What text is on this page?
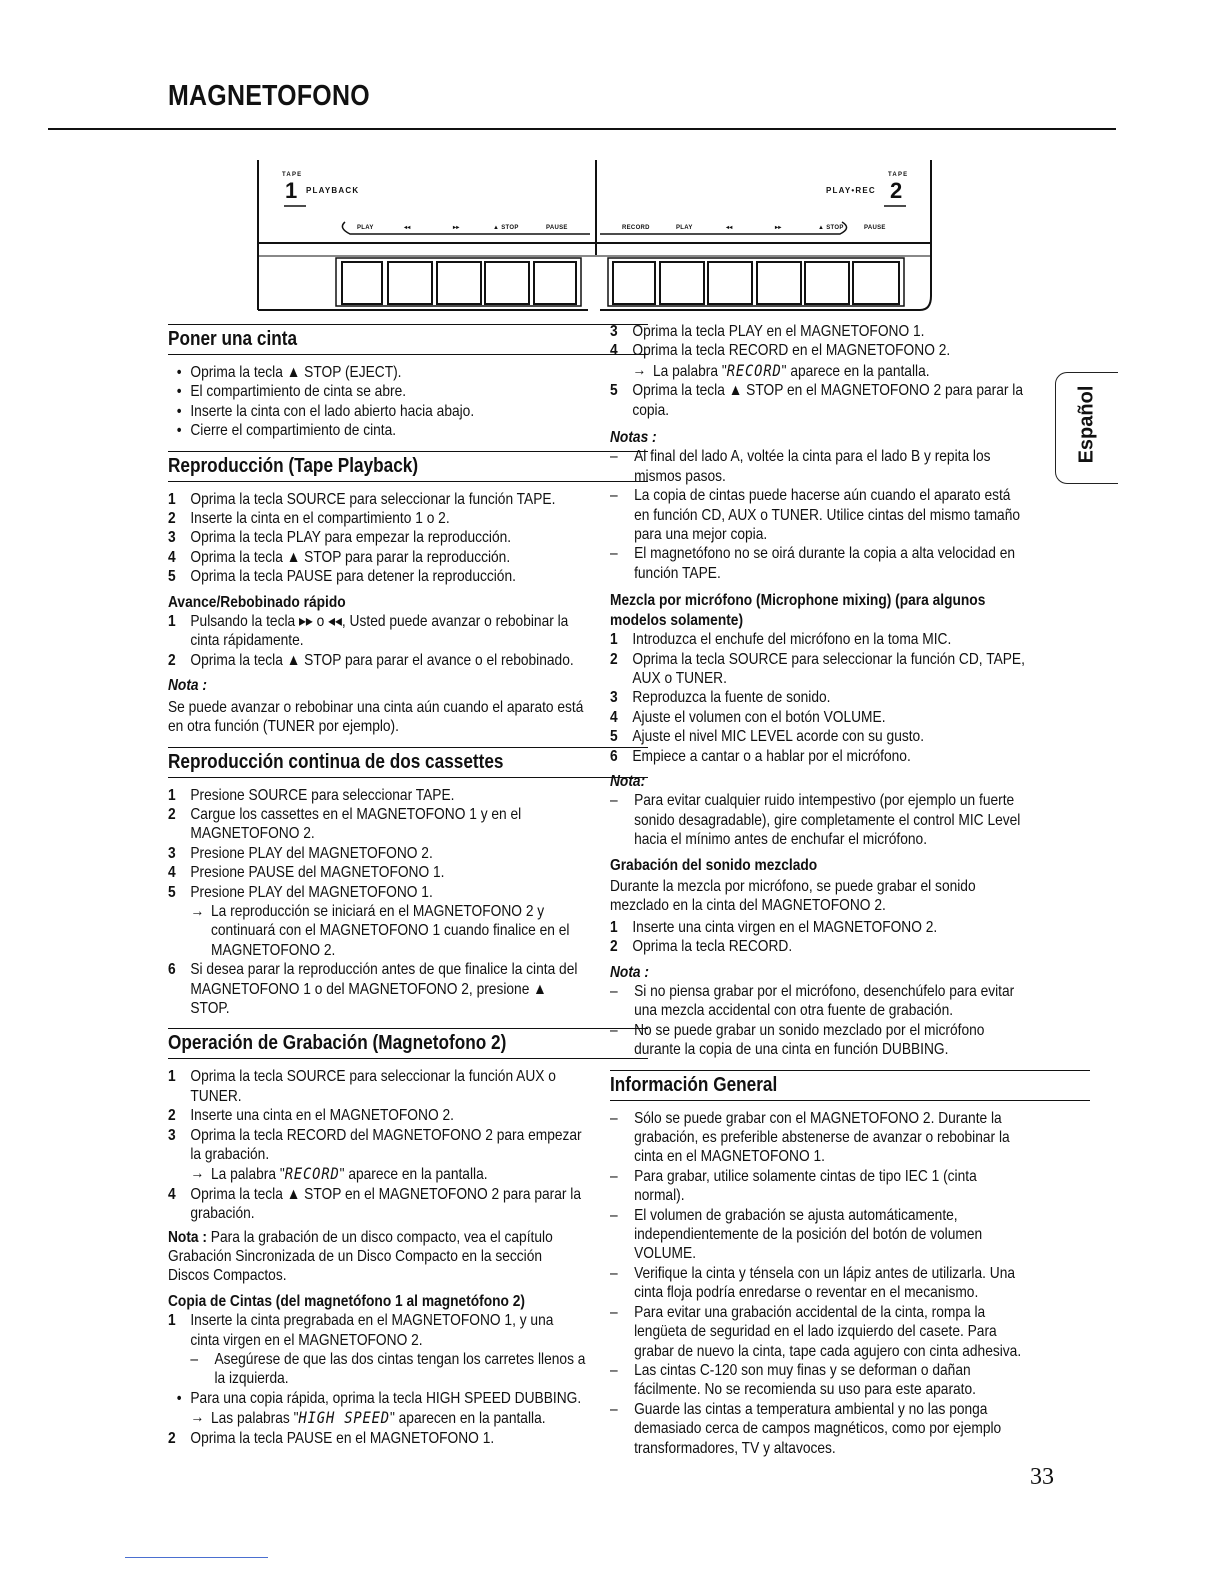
MAGNETOFONO
TAPE
1 PLAYBACK
TAPE
2
PLAY•REC
PLAY	◂◂	▸▸	▲ STOP	PAUSE	RECORD	PLAY	◂◂	▸▸	▲ STOP	PAUSE
Poner una cinta
• Oprima la tecla ▲ STOP (EJECT).
• El compartimiento de cinta se abre.
• Inserte la cinta con el lado abierto hacia abajo.
• Cierre el compartimiento de cinta.
Reproducción (Tape Playback)
1 Oprima la tecla SOURCE para seleccionar la función TAPE.
2 Inserte la cinta en el compartimiento 1 o 2.
3 Oprima la tecla PLAY para empezar la reproducción.
4 Oprima la tecla ▲ STOP para parar la reproducción.
5 Oprima la tecla PAUSE para detener la reproducción.
Avance/Rebobinado rápido
1 Pulsando la tecla ▸▸ o ◂◂, Usted puede avanzar o rebobinar la cinta rápidamente.
2 Oprima la tecla ▲ STOP para parar el avance o el rebobinado.
Nota :
Se puede avanzar o rebobinar una cinta aún cuando el aparato está en otra función (TUNER por ejemplo).
Reproducción continua de dos cassettes
1 Presione SOURCE para seleccionar TAPE.
2 Cargue los cassettes en el MAGNETOFONO 1 y en el MAGNETOFONO 2.
3 Presione PLAY del MAGNETOFONO 2.
4 Presione PAUSE del MAGNETOFONO 1.
5 Presione PLAY del MAGNETOFONO 1.
→ La reproducción se iniciará en el MAGNETOFONO 2 y continuará con el MAGNETOFONO 1 cuando finalice en el MAGNETOFONO 2.
6 Si desea parar la reproducción antes de que finalice la cinta del MAGNETOFONO 1 o del MAGNETOFONO 2, presione ▲ STOP.
Operación de Grabación (Magnetofono 2)
1 Oprima la tecla SOURCE para seleccionar la función AUX o TUNER.
2 Inserte una cinta en el MAGNETOFONO 2.
3 Oprima la tecla RECORD del MAGNETOFONO 2 para empezar la grabación.
→ La palabra "RECORD" aparece en la pantalla.
4 Oprima la tecla ▲ STOP en el MAGNETOFONO 2 para parar la grabación.
Nota : Para la grabación de un disco compacto, vea el capítulo Grabación Sincronizada de un Disco Compacto en la sección Discos Compactos.
Copia de Cintas (del magnetófono 1 al magnetófono 2)
1 Inserte la cinta pregrabada en el MAGNETOFONO 1, y una cinta virgen en el MAGNETOFONO 2.
–	Asegúrese de que las dos cintas tengan los carretes llenos a la izquierda.
• Para una copia rápida, oprima la tecla HIGH SPEED DUBBING.
→ Las palabras "HIGH SPEED" aparecen en la pantalla.
2 Oprima la tecla PAUSE en el MAGNETOFONO 1.
3 Oprima la tecla PLAY en el MAGNETOFONO 1.
4 Oprima la tecla RECORD en el MAGNETOFONO 2.
→ La palabra "RECORD" aparece en la pantalla.
5 Oprima la tecla ▲ STOP en el MAGNETOFONO 2 para parar la copia.
Notas :
–	Al final del lado A, voltée la cinta para el lado B y repita los mismos pasos.
–	La copia de cintas puede hacerse aún cuando el aparato está en función CD, AUX o TUNER. Utilice cintas del mismo tamaño para una mejor copia.
–	El magnetófono no se oirá durante la copia a alta velocidad en función TAPE.
Mezcla por micrófono (Microphone mixing) (para algunos modelos solamente)
1 Introduzca el enchufe del micrófono en la toma MIC.
2 Oprima la tecla SOURCE para seleccionar la función CD, TAPE, AUX o TUNER.
3 Reproduzca la fuente de sonido.
4 Ajuste el volumen con el botón VOLUME.
5 Ajuste el nivel MIC LEVEL acorde con su gusto.
6 Empiece a cantar o a hablar por el micrófono.
Nota:
–	Para evitar cualquier ruido intempestivo (por ejemplo un fuerte sonido desagradable), gire completamente el control MIC Level hacia el mínimo antes de enchufar el micrófono.
Grabación del sonido mezclado
Durante la mezcla por micrófono, se puede grabar el sonido mezclado en la cinta del MAGNETOFONO 2.
1 Inserte una cinta virgen en el MAGNETOFONO 2.
2 Oprima la tecla RECORD.
Nota :
–	Si no piensa grabar por el micrófono, desenchúfelo para evitar una mezcla accidental con otra fuente de grabación.
–	No se puede grabar un sonido mezclado por el micrófono durante la copia de una cinta en función DUBBING.
Información General
–	Sólo se puede grabar con el MAGNETOFONO 2. Durante la grabación, es preferible abstenerse de avanzar o rebobinar la cinta en el MAGNETOFONO 1.
–	Para grabar, utilice solamente cintas de tipo IEC 1 (cinta normal).
–	El volumen de grabación se ajusta automáticamente, independientemente de la posición del botón de volumen VOLUME.
–	Verifique la cinta y ténsela con un lápiz antes de utilizarla. Una cinta floja podría enredarse o reventar en el mecanismo.
–	Para evitar una grabación accidental de la cinta, rompa la lengüeta de seguridad en el lado izquierdo del casete. Para grabar de nuevo la cinta, tape cada agujero con cinta adhesiva.
–	Las cintas C-120 son muy finas y se deforman o dañan fácilmente. No se recomienda su uso para este aparato.
–	Guarde las cintas a temperatura ambiental y no las ponga demasiado cerca de campos magnéticos, como por ejemplo transformadores, TV y altavoces.
Español
33
